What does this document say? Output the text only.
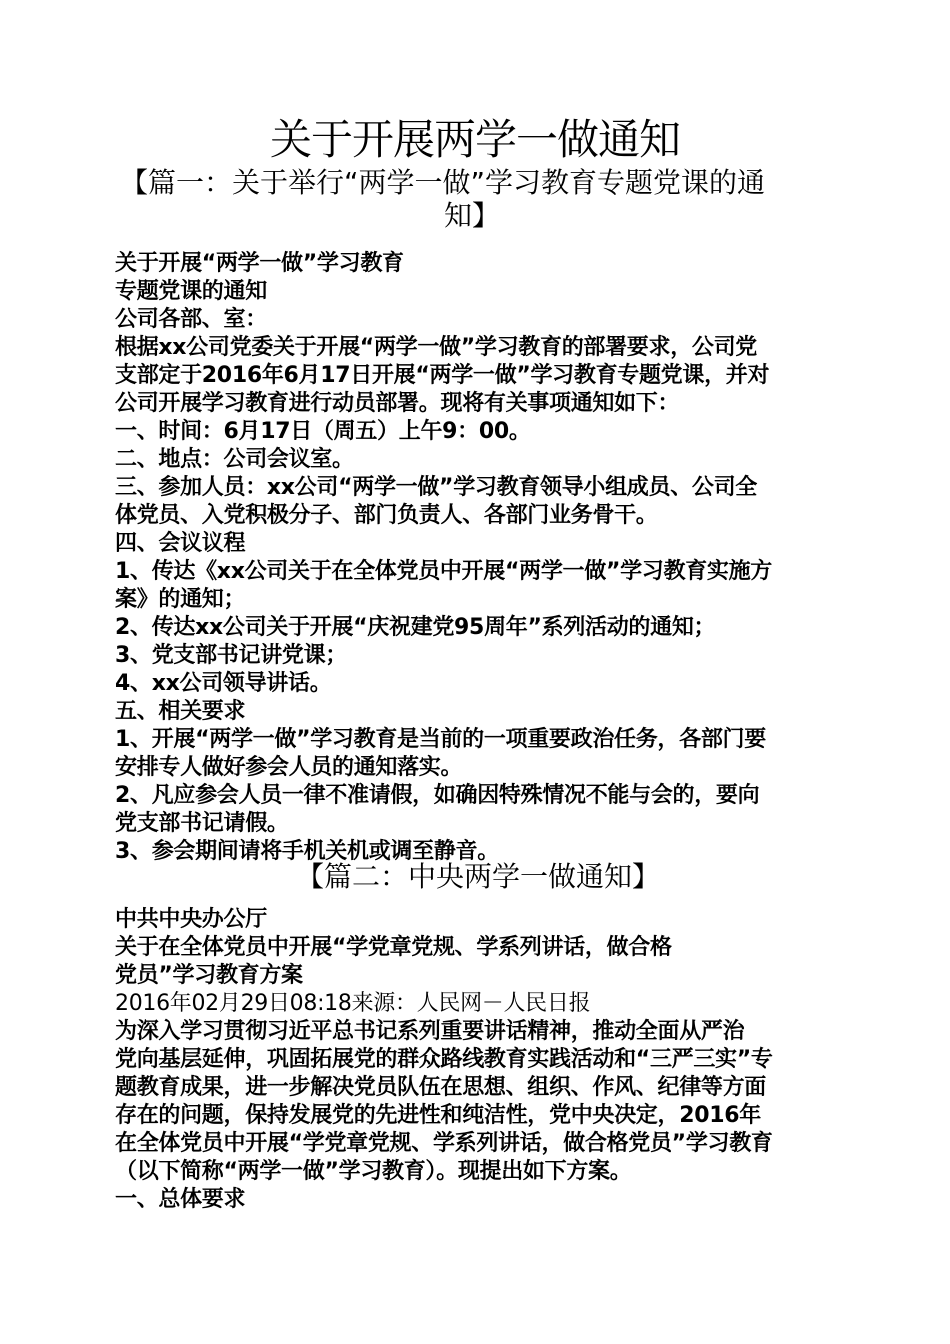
关于开展两学一做通知
【篇一：关于举行“两学一做”学习教育专题党课的通
知】
关于开展“两学一做”学习教育
专题党课的通知
公司各部、室：
根据xx公司党委关于开展“两学一做”学习教育的部署要求，公司党
支部定于2016年6月17日开展“两学一做”学习教育专题党课，并对
公司开展学习教育进行动员部署。现将有关事项通知如下：
一、时间：6月17日（周五）上午9：00。
二、地点：公司会议室。
三、参加人员：xx公司“两学一做”学习教育领导小组成员、公司全
体党员、入党积极分子、部门负责人、各部门业务骨干。
四、会议议程
1、传达《xx公司关于在全体党员中开展“两学一做”学习教育实施方
案》的通知；
2、传达xx公司关于开展“庆祝建党95周年”系列活动的通知；
3、党支部书记讲党课；
4、xx公司领导讲话。
五、相关要求
1、开展“两学一做”学习教育是当前的一项重要政治任务，各部门要
安排专人做好参会人员的通知落实。
2、凡应参会人员一律不准请假，如确因特殊情况不能与会的，要向
党支部书记请假。
3、参会期间请将手机关机或调至静音。
【篇二：中央两学一做通知】
中共中央办公厅
关于在全体党员中开展“学党章党规、学系列讲话，做合格
党员”学习教育方案
2016年02月29日08:18来源：人民网－人民日报
为深入学习贯彻习近平总书记系列重要讲话精神，推动全面从严治
党向基层延伸，巩固拓展党的群众路线教育实践活动和“三严三实”专
题教育成果，进一步解决党员队伍在思想、组织、作风、纪律等方面
存在的问题，保持发展党的先进性和纯洁性，党中央决定，2016年
在全体党员中开展“学党章党规、学系列讲话，做合格党员”学习教育
（以下简称“两学一做”学习教育）。现提出如下方案。
一、总体要求
